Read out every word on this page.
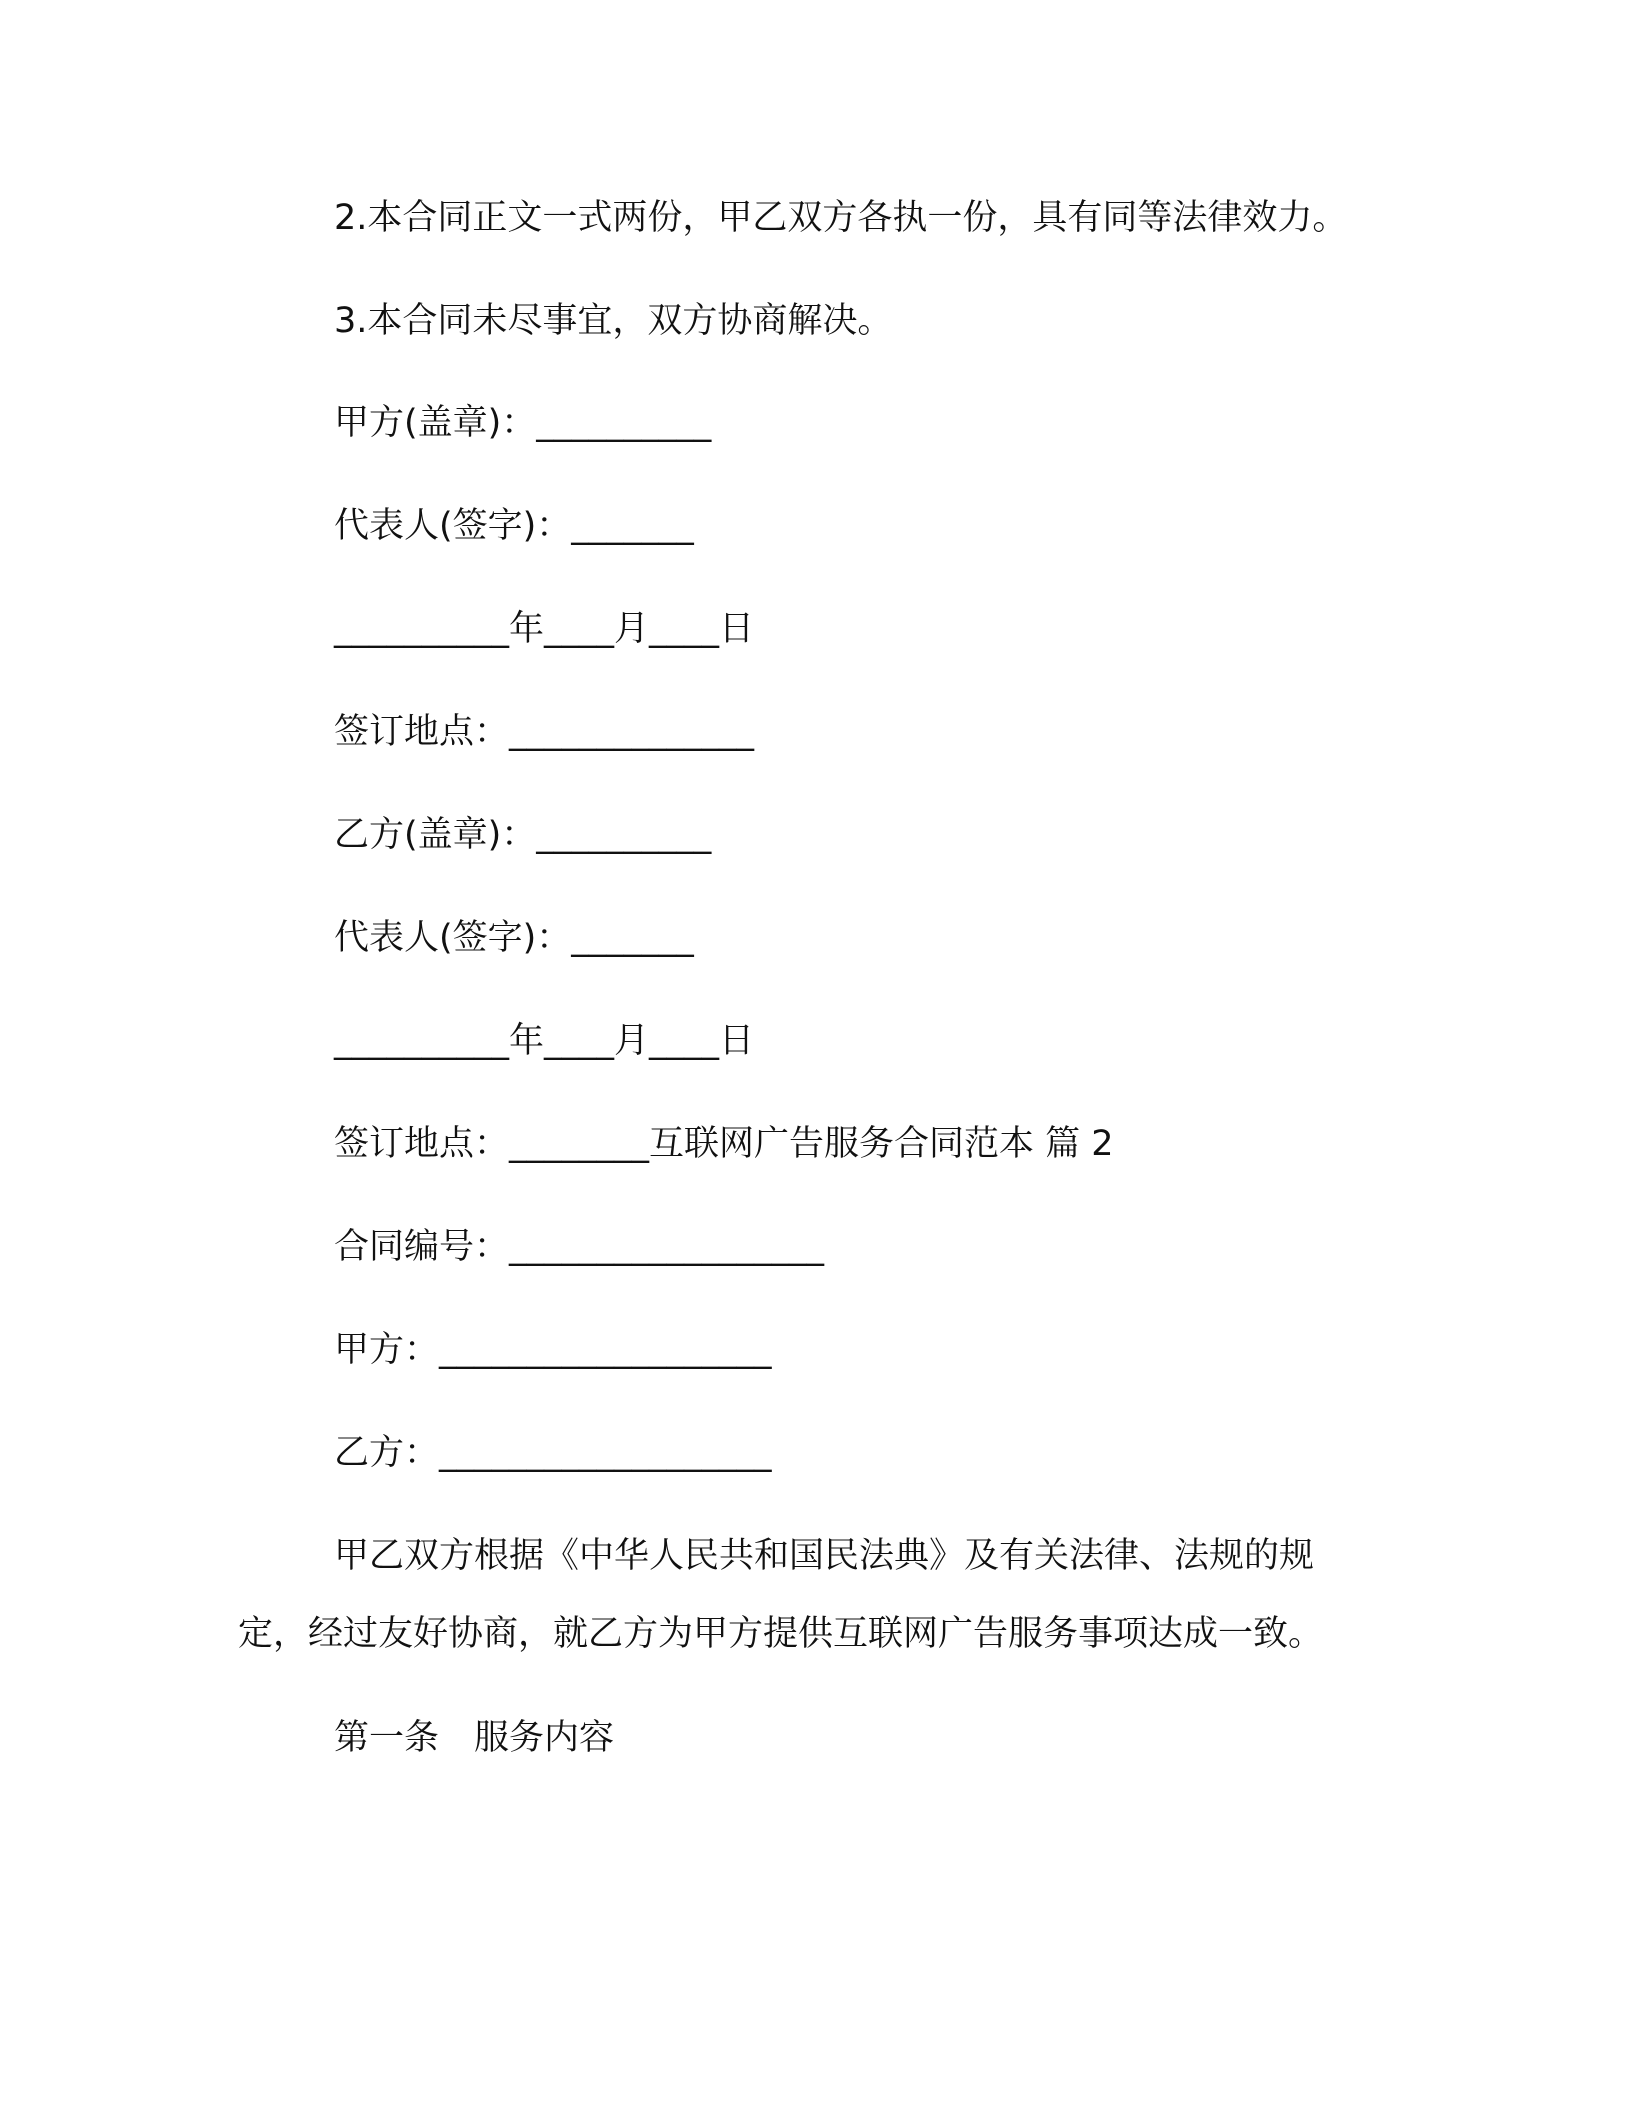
2.本合同正文一式两份，甲乙双方各执一份，具有同等法律效力。
3.本合同未尽事宜，双方协商解决。
甲方(盖章)：__________
代表人(签字)：_______
__________年____月____日
签订地点：______________
乙方(盖章)：__________
代表人(签字)：_______
__________年____月____日
签订地点：________互联网广告服务合同范本 篇 2
合同编号：__________________
甲方：___________________
乙方：___________________
甲乙双方根据《中华人民共和国民法典》及有关法律、法规的规
定，经过友好协商，就乙方为甲方提供互联网广告服务事项达成一致。
第一条　服务内容
